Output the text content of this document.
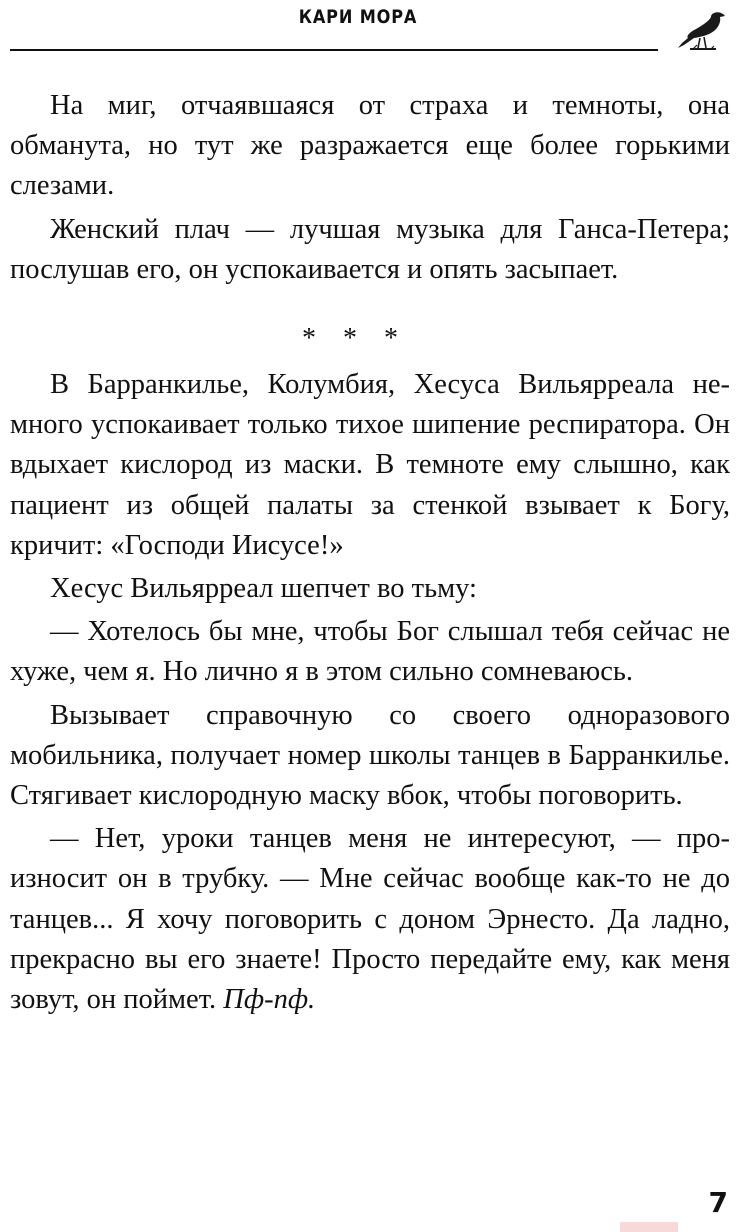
КАРИ МОРА

На миг, отчаявшаяся от страха и темноты, она обманута, но тут же разражается еще более горькими слезами.

Женский плач — лучшая музыка для Ганса-Петера; послушав его, он успокаивается и опять засыпает.

* * *

В Барранкилье, Колумбия, Хесуса Вильярреала немного успокаивает только тихое шипение респиратора. Он вдыхает кислород из маски. В темноте ему слышно, как пациент из общей палаты за стенкой взывает к Богу, кричит: «Господи Иисусе!»

Хесус Вильярреал шепчет во тьму:

— Хотелось бы мне, чтобы Бог слышал тебя сейчас не хуже, чем я. Но лично я в этом сильно сомневаюсь.

Вызывает справочную со своего одноразового мобильника, получает номер школы танцев в Барранкилье. Стягивает кислородную маску вбок, чтобы поговорить.

— Нет, уроки танцев меня не интересуют, — произносит он в трубку. — Мне сейчас вообще как-то не до танцев... Я хочу поговорить с доном Эрнесто. Да ладно, прекрасно вы его знаете! Просто передайте ему, как меня зовут, он поймет. Пф-пф.

7
